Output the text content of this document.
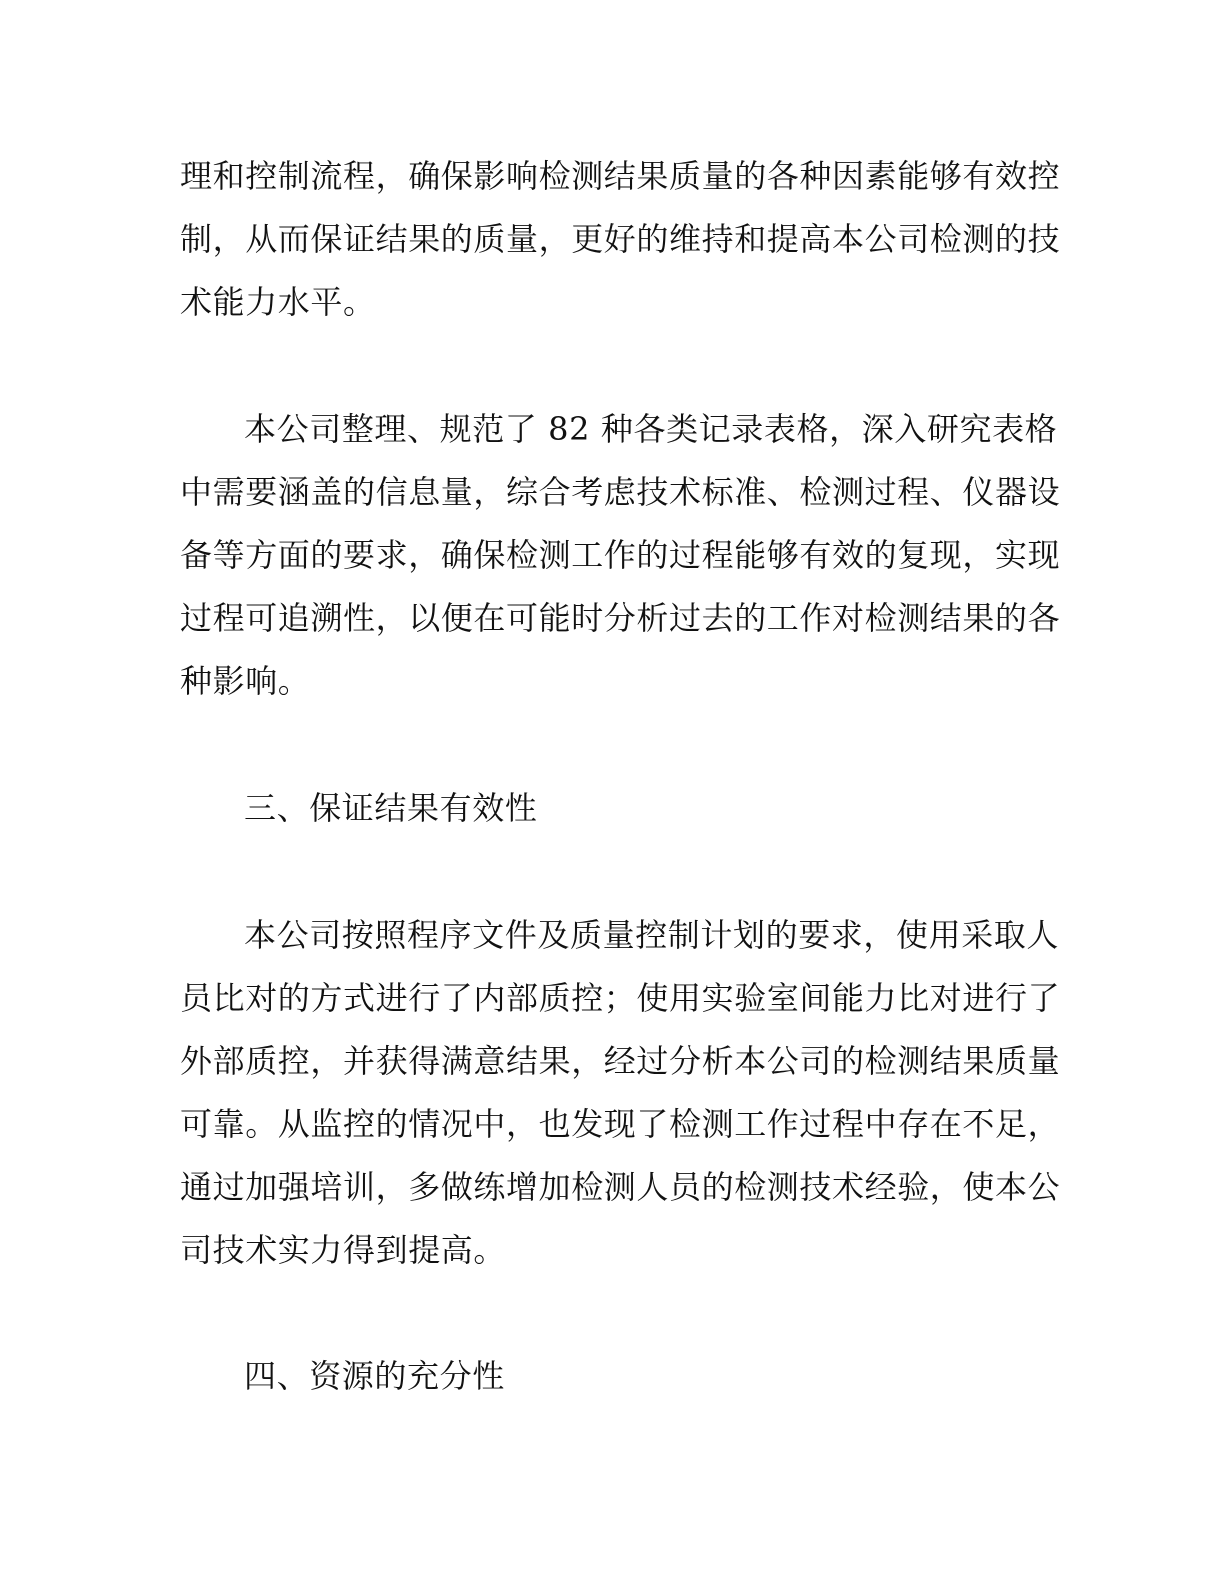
理和控制流程，确保影响检测结果质量的各种因素能够有效控
制，从而保证结果的质量，更好的维持和提高本公司检测的技
术能力水平。
本公司整理、规范了 82 种各类记录表格，深入研究表格
中需要涵盖的信息量，综合考虑技术标准、检测过程、仪器设
备等方面的要求，确保检测工作的过程能够有效的复现，实现
过程可追溯性，以便在可能时分析过去的工作对检测结果的各
种影响。
三、保证结果有效性
本公司按照程序文件及质量控制计划的要求，使用采取人
员比对的方式进行了内部质控；使用实验室间能力比对进行了
外部质控，并获得满意结果，经过分析本公司的检测结果质量
可靠。从监控的情况中，也发现了检测工作过程中存在不足，
通过加强培训，多做练增加检测人员的检测技术经验，使本公
司技术实力得到提高。
四、资源的充分性
